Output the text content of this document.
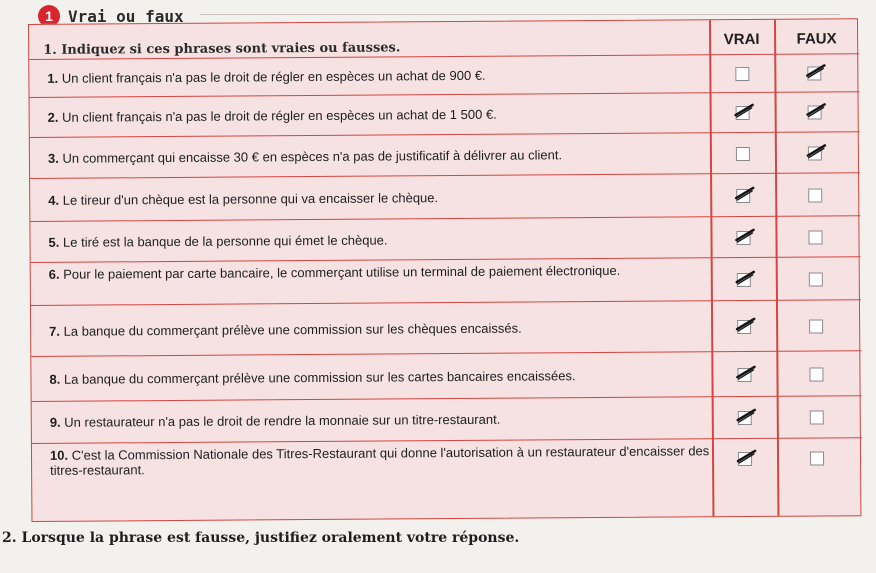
1 Vrai ou faux
1. Indiquez si ces phrases sont vraies ou fausses.
VRAI	FAUX
1. Un client français n'a pas le droit de régler en espèces un achat de 900 €.
2. Un client français n'a pas le droit de régler en espèces un achat de 1 500 €.
3. Un commerçant qui encaisse 30 € en espèces n'a pas de justificatif à délivrer au client.
4. Le tireur d'un chèque est la personne qui va encaisser le chèque.
5. Le tiré est la banque de la personne qui émet le chèque.
6. Pour le paiement par carte bancaire, le commerçant utilise un terminal de paiement électronique.
7. La banque du commerçant prélève une commission sur les chèques encaissés.
8. La banque du commerçant prélève une commission sur les cartes bancaires encaissées.
9. Un restaurateur n'a pas le droit de rendre la monnaie sur un titre-restaurant.
10. C'est la Commission Nationale des Titres-Restaurant qui donne l'autorisation à un restaurateur d'encaisser des titres-restaurant.
2. Lorsque la phrase est fausse, justifiez oralement votre réponse.
